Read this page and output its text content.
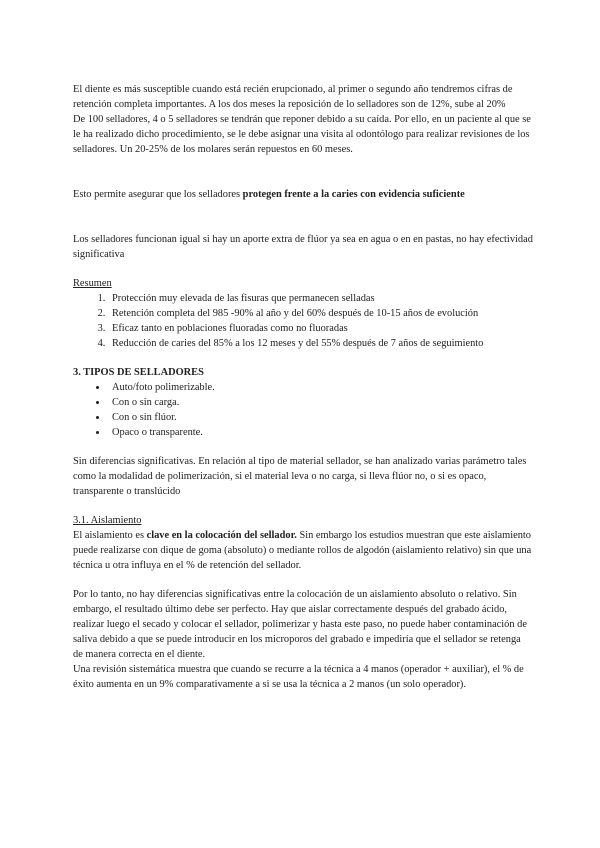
El diente es más susceptible cuando está recién erupcionado, al primer o segundo año tendremos cifras de retención completa importantes. A los dos meses la reposición de lo selladores son de 12%, sube al 20%

De 100 selladores, 4 o 5 selladores se tendrán que reponer debido a su caída. Por ello, en un paciente al que se le ha realizado dicho procedimiento, se le debe asignar una visita al odontólogo para realizar revisiones de los selladores. Un 20-25% de los molares serán repuestos en 60 meses.

Esto permite asegurar que los selladores protegen frente a la caries con evidencia suficiente

Los selladores funcionan igual si hay un aporte extra de flúor ya sea en agua o en en pastas, no hay efectividad significativa

Resumen

1. Protección muy elevada de las fisuras que permanecen selladas
2. Retención completa del 985 -90% al año y del 60% después de 10-15 años de evolución
3. Eficaz tanto en poblaciones fluoradas como no fluoradas
4. Reducción de caries del 85% a los 12 meses y del 55% después de 7 años de seguimiento

3. TIPOS DE SELLADORES

• Auto/foto polimerizable.
• Con o sin carga.
• Con o sin flúor.
• Opaco o transparente.

Sin diferencias significativas. En relación al tipo de material sellador, se han analizado varias parámetro tales como la modalidad de polimerización, si el material leva o no carga, si lleva flúor no, o si es opaco, transparente o translúcido

3.1. Aislamiento

El aislamiento es clave en la colocación del sellador. Sin embargo los estudios muestran que este aislamiento puede realizarse con dique de goma (absoluto) o mediante rollos de algodón (aislamiento relativo) sin que una técnica u otra influya en el % de retención del sellador.

Por lo tanto, no hay diferencias significativas entre la colocación de un aislamiento absoluto o relativo. Sin embargo, el resultado último debe ser perfecto. Hay que aislar correctamente después del grabado ácido, realizar luego el secado y colocar el sellador, polimerizar y hasta este paso, no puede haber contaminación de saliva debido a que se puede introducir en los microporos del grabado e impediría que el sellador se retenga de manera correcta en el diente.

Una revisión sistemática muestra que cuando se recurre a la técnica a 4 manos (operador + auxiliar), el % de éxito aumenta en un 9% comparativamente a si se usa la técnica a 2 manos (un solo operador).
